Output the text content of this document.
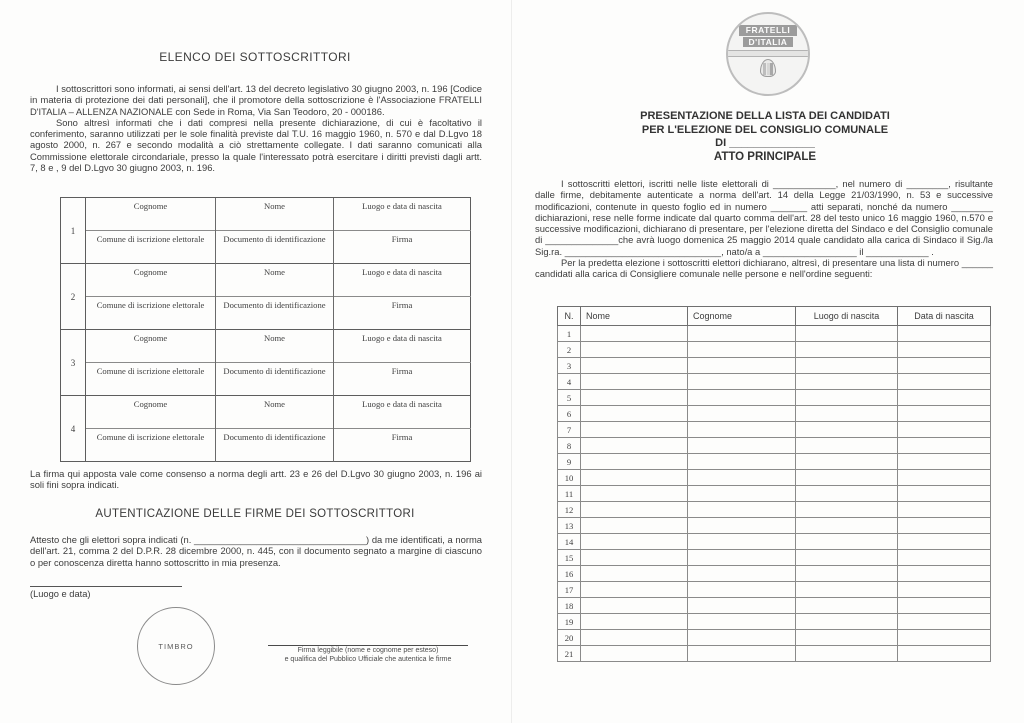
ELENCO DEI SOTTOSCRITTORI

I sottoscrittori sono informati, ai sensi dell'art. 13 del decreto legislativo 30 giugno 2003, n. 196 [Codice in materia di protezione dei dati personali], che il promotore della sottoscrizione è l'Associazione FRATELLI D'ITALIA – ALLENZA NAZIONALE con Sede in Roma, Via San Teodoro, 20 - 000186.

Sono altresì informati che i dati compresi nella presente dichiarazione, di cui è facoltativo il conferimento, saranno utilizzati per le sole finalità previste dal T.U. 16 maggio 1960, n. 570 e dal D.Lgvo 18 agosto 2000, n. 267 e secondo modalità a ciò strettamente collegate. I dati saranno comunicati alla Commissione elettorale circondariale, presso la quale l'interessato potrà esercitare i diritti previsti dagli artt. 7, 8 e , 9 del D.Lgvo 30 giugno 2003, n. 196.

1	Cognome	Nome	Luogo e data di nascita

	Comune di iscrizione elettorale	Documento di identificazione	Firma

2	Cognome	Nome	Luogo e data di nascita

	Comune di iscrizione elettorale	Documento di identificazione	Firma

3	Cognome	Nome	Luogo e data di nascita

	Comune di iscrizione elettorale	Documento di identificazione	Firma

4	Cognome	Nome	Luogo e data di nascita

	Comune di iscrizione elettorale	Documento di identificazione	Firma

La firma qui apposta vale come consenso a norma degli artt. 23 e 26 del D.Lgvo 30 giugno 2003, n. 196 ai soli fini sopra indicati.

AUTENTICAZIONE DELLE FIRME DEI SOTTOSCRITTORI

Attesto che gli elettori sopra indicati (n. _________________________________) da me identificati, a norma dell'art. 21, comma 2 del D.P.R. 28 dicembre 2000, n. 445, con il documento segnato a margine di ciascuno o per conoscenza diretta hanno sottoscritto in mia presenza.

(Luogo e data)
TIMBRO	Firma leggibile (nome e cognome per esteso)
e qualifica del Pubblico Ufficiale che autentica le firme
FRATELLI
D'ITALIA
PRESENTAZIONE DELLA LISTA DEI CANDIDATI
PER L'ELEZIONE DEL CONSIGLIO COMUNALE
DI ______________
ATTO PRINCIPALE

I sottoscritti elettori, iscritti nelle liste elettorali di ____________, nel numero di ________, risultante dalle firme, debitamente autenticate a norma dell'art. 14 della Legge 21/03/1990, n. 53 e successive modificazioni, contenute in questo foglio ed in numero _______ atti separati, nonché da numero ________ dichiarazioni, rese nelle forme indicate dal quarto comma dell'art. 28 del testo unico 16 maggio 1960, n.570 e successive modificazioni, dichiarano di presentare, per l'elezione diretta del Sindaco e del Consiglio comunale di ______________che avrà luogo domenica 25 maggio 2014 quale candidato alla carica di Sindaco il Sig./la Sig.ra. ______________________________, nato/a a __________________ il ____________ .

Per la predetta elezione i sottoscritti elettori dichiarano, altresì, di presentare una lista di numero ______ candidati alla carica di Consigliere comunale nelle persone e nell'ordine seguenti:

N.	Nome	Cognome	Luogo di nascita	Data di nascita
1				
2				
3				
4				
5				
6				
7				
8				
9				
10				
11				
12				
13				
14				
15				
16				
17				
18				
19				
20				
21				
